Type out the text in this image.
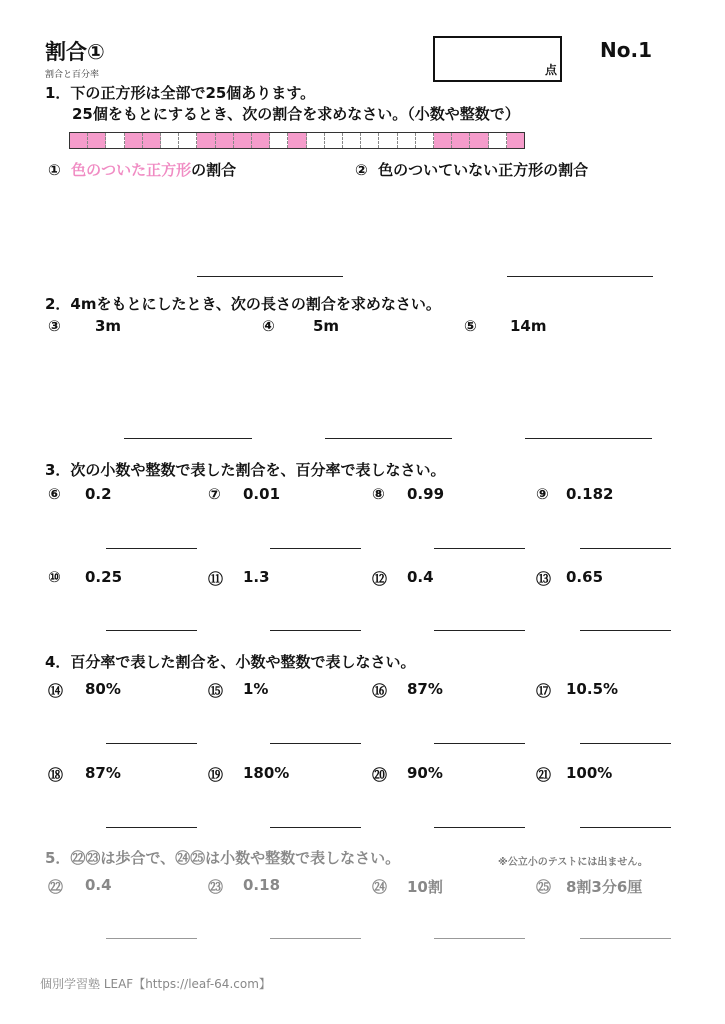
割合①
割合と百分率	点
No.1
1．下の正方形は全部で25個あります。
25個をもとにするとき、次の割合を求めなさい。（小数や整数で）
① 色のついた正方形の割合	② 色のついていない正方形の割合
2．4mをもとにしたとき、次の長さの割合を求めなさい。
③ 3m	④	5m	⑤ 14m
3．次の小数や整数で表した割合を、百分率で表しなさい。
4．百分率で表した割合を、小数や整数で表しなさい。
5．㉒㉓は歩合で、㉔㉕は小数や整数で表しなさい。	※公立小のテストには出ません。
⑥ 0.2	⑦ 0.01	⑧ 0.99	⑨ 0.182
⑩ 0.25	⑪ 1.3	⑫ 0.4	⑬ 0.65
⑭ 80%	⑮ 1%	⑯ 87%	⑰ 10.5%
⑱ 87%	⑲ 180%	⑳ 90%	㉑ 100%
㉒ 0.4	㉓ 0.18	㉔ 10割	㉕ 8割3分6厘
個別学習塾 LEAF【https://leaf-64.com】
